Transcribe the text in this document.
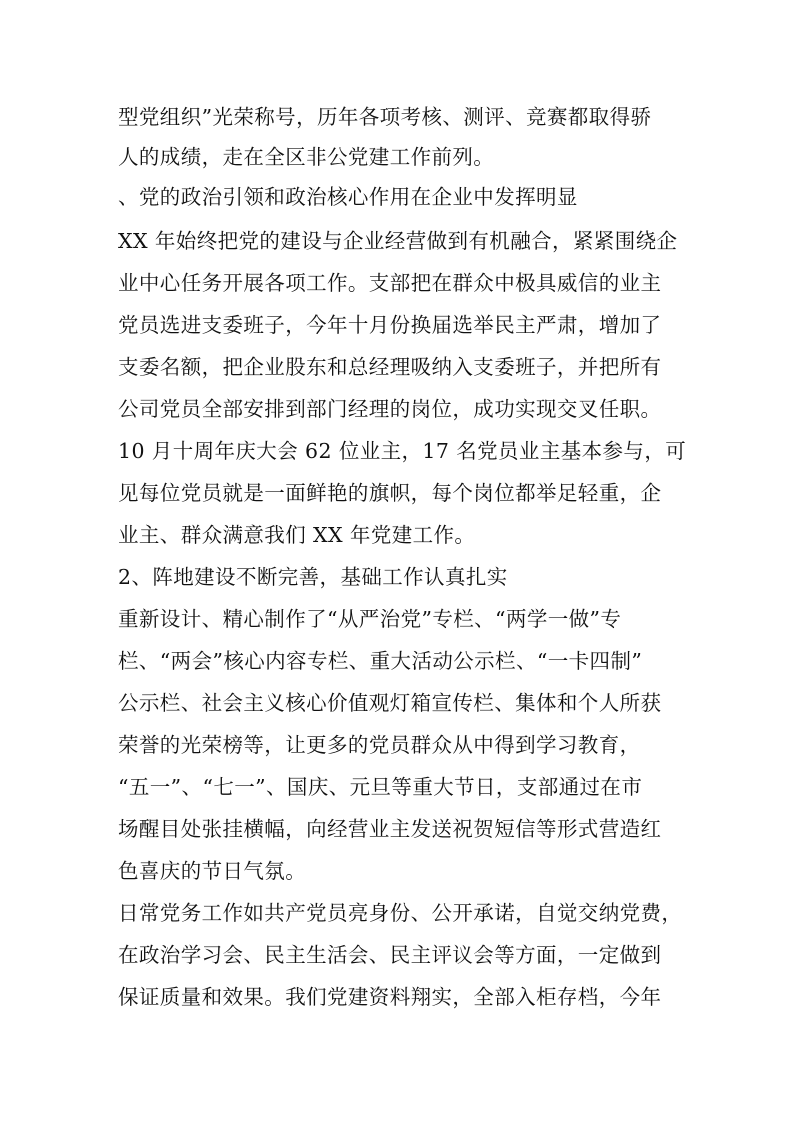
型党组织”光荣称号，历年各项考核、测评、竞赛都取得骄
人的成绩，走在全区非公党建工作前列。
、党的政治引领和政治核心作用在企业中发挥明显
XX 年始终把党的建设与企业经营做到有机融合，紧紧围绕企
业中心任务开展各项工作。支部把在群众中极具威信的业主
党员选进支委班子，今年十月份换届选举民主严肃，增加了
支委名额，把企业股东和总经理吸纳入支委班子，并把所有
公司党员全部安排到部门经理的岗位，成功实现交叉任职。
10 月十周年庆大会 62 位业主，17 名党员业主基本参与，可
见每位党员就是一面鲜艳的旗帜，每个岗位都举足轻重，企
业主、群众满意我们 XX 年党建工作。
2、阵地建设不断完善，基础工作认真扎实
重新设计、精心制作了“从严治党”专栏、“两学一做”专
栏、“两会”核心内容专栏、重大活动公示栏、“一卡四制”
公示栏、社会主义核心价值观灯箱宣传栏、集体和个人所获
荣誉的光荣榜等，让更多的党员群众从中得到学习教育，
“五一”、“七一”、国庆、元旦等重大节日，支部通过在市
场醒目处张挂横幅，向经营业主发送祝贺短信等形式营造红
色喜庆的节日气氛。
日常党务工作如共产党员亮身份、公开承诺，自觉交纳党费，
在政治学习会、民主生活会、民主评议会等方面，一定做到
保证质量和效果。我们党建资料翔实，全部入柜存档，今年
